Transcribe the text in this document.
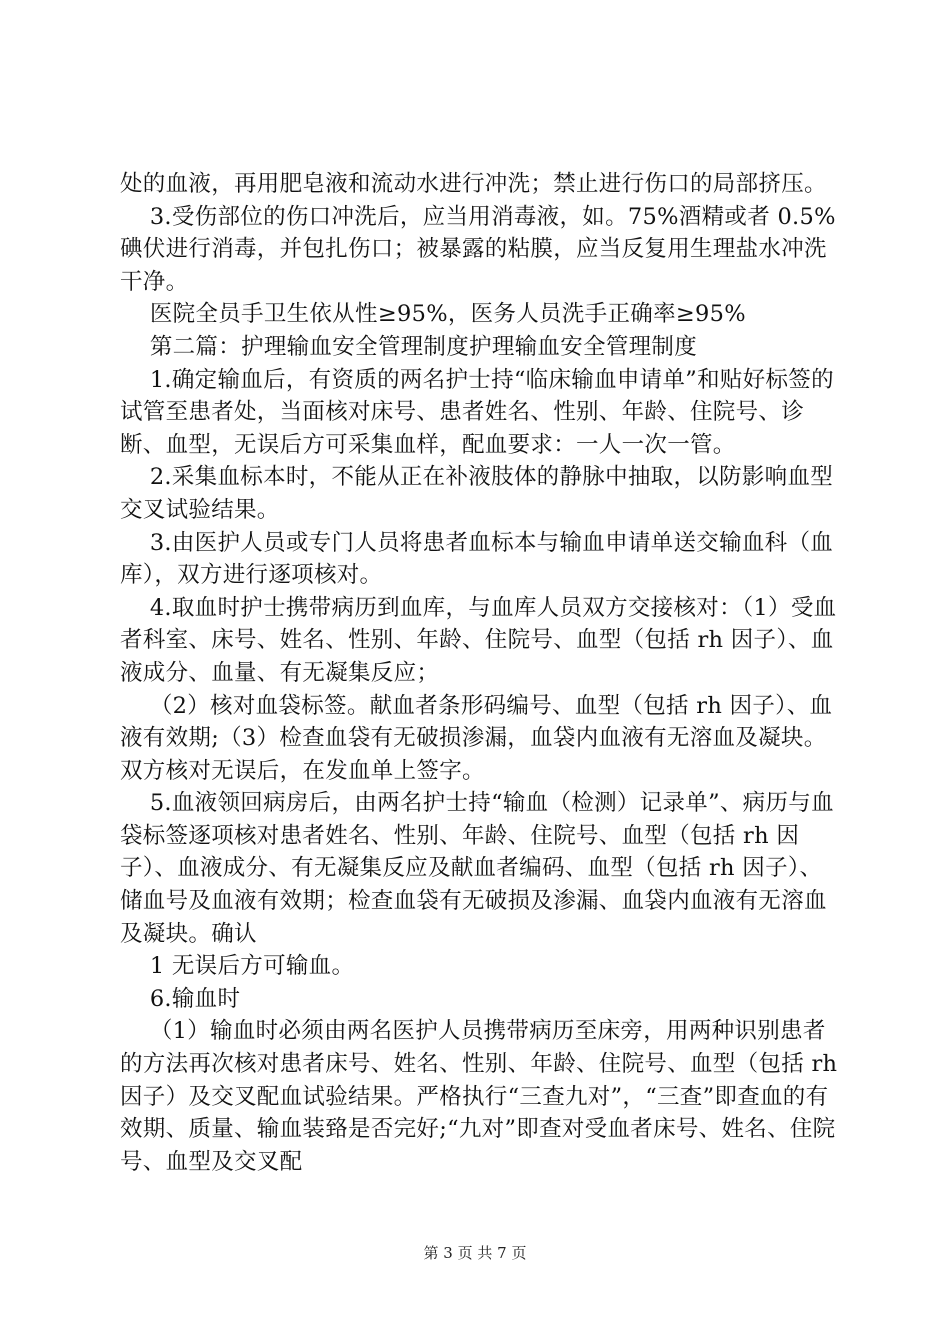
处的血液，再用肥皂液和流动水进行冲洗；禁止进行伤口的局部挤压。

3.受伤部位的伤口冲洗后，应当用消毒液，如。75%酒精或者 0.5%碘伏进行消毒，并包扎伤口；被暴露的粘膜，应当反复用生理盐水冲洗干净。

医院全员手卫生依从性≥95%，医务人员洗手正确率≥95%

第二篇：护理输血安全管理制度护理输血安全管理制度

1.确定输血后，有资质的两名护士持“临床输血申请单”和贴好标签的试管至患者处，当面核对床号、患者姓名、性别、年龄、住院号、诊断、血型，无误后方可采集血样，配血要求：一人一次一管。

2.采集血标本时，不能从正在补液肢体的静脉中抽取，以防影响血型交叉试验结果。

3.由医护人员或专门人员将患者血标本与输血申请单送交输血科（血库），双方进行逐项核对。

4.取血时护士携带病历到血库，与血库人员双方交接核对：（1）受血者科室、床号、姓名、性别、年龄、住院号、血型（包括 rh 因子）、血液成分、血量、有无凝集反应；

（2）核对血袋标签。献血者条形码编号、血型（包括 rh 因子）、血液有效期;（3）检查血袋有无破损渗漏，血袋内血液有无溶血及凝块。双方核对无误后，在发血单上签字。

5.血液领回病房后，由两名护士持“输血（检测）记录单”、病历与血袋标签逐项核对患者姓名、性别、年龄、住院号、血型（包括 rh 因子）、血液成分、有无凝集反应及献血者编码、血型（包括 rh 因子）、储血号及血液有效期；检查血袋有无破损及渗漏、血袋内血液有无溶血及凝块。确认

1 无误后方可输血。

6.输血时

（1）输血时必须由两名医护人员携带病历至床旁，用两种识别患者的方法再次核对患者床号、姓名、性别、年龄、住院号、血型（包括 rh 因子）及交叉配血试验结果。严格执行“三查九对”，“三查”即查血的有效期、质量、输血装臵是否完好;“九对”即查对受血者床号、姓名、住院号、血型及交叉配

第 3 页 共 7 页
